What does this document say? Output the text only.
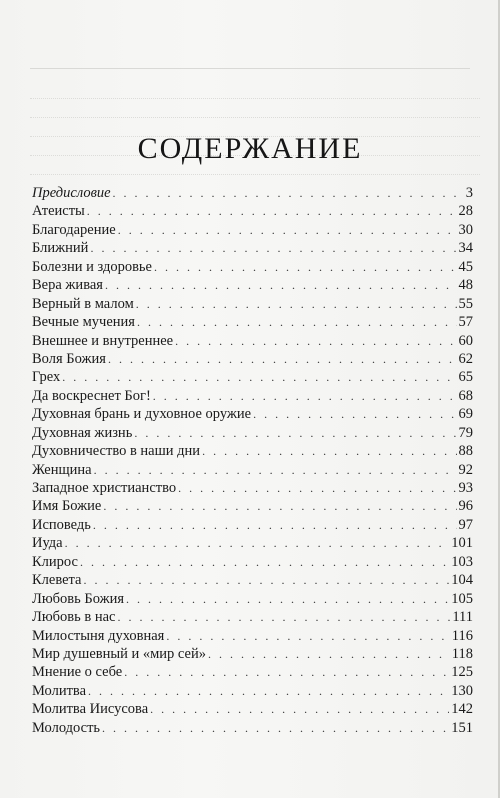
СОДЕРЖАНИЕ
Предисловие . . .	3
Атеисты . . .	28
Благодарение . . .	30
Ближний . . .	34
Болезни и здоровье . . .	45
Вера живая . . .	48
Верный в малом . . .	55
Вечные мучения . . .	57
Внешнее и внутреннее . . .	60
Воля Божия . . .	62
Грех . . .	65
Да воскреснет Бог! . . .	68
Духовная брань и духовное оружие . . .	69
Духовная жизнь . . .	79
Духовничество в наши дни . . .	88
Женщина . . .	92
Западное христианство . . .	93
Имя Божие . . .	96
Исповедь . . .	97
Иуда . . .	101
Клирос . . .	103
Клевета . . .	104
Любовь Божия . . .	105
Любовь в нас . . .	111
Милостыня духовная . . .	116
Мир душевный и «мир сей» . . .	118
Мнение о себе . . .	125
Молитва . . .	130
Молитва Иисусова . . .	142
Молодость . . .	151
